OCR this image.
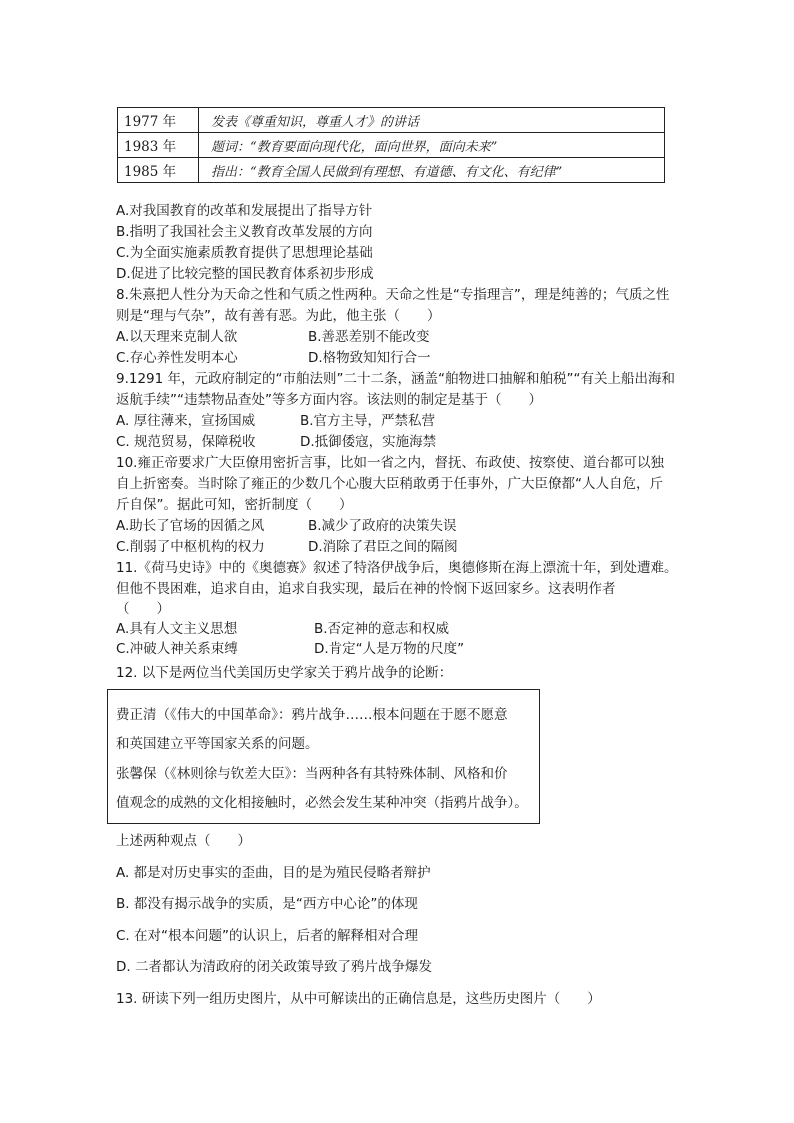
1977 年	发表《尊重知识，尊重人才》的讲话
1983 年	题词：“教育要面向现代化，面向世界，面向未来”
1985 年	指出：“教育全国人民做到有理想、有道德、有文化、有纪律”
A.对我国教育的改革和发展提出了指导方针
B.指明了我国社会主义教育改革发展的方向
C.为全面实施素质教育提供了思想理论基础
D.促进了比较完整的国民教育体系初步形成
8.朱熹把人性分为天命之性和气质之性两种。天命之性是“专指理言”，理是纯善的；气质之性
则是“理与气杂”，故有善有恶。为此，他主张（　　）
A.以天理来克制人欲	B.善恶差别不能改变
C.存心养性发明本心	D.格物致知知行合一
9.1291 年，元政府制定的“市舶法则”二十二条，涵盖“舶物进口抽解和舶税”“有关上船出海和
返航手续”“违禁物品查处”等多方面内容。该法则的制定是基于（　　）
A. 厚往薄来，宣扬国威	B.官方主导，严禁私营
C. 规范贸易，保障税收	D.抵御倭寇，实施海禁
10.雍正帝要求广大臣僚用密折言事，比如一省之内，督抚、布政使、按察使、道台都可以独
自上折密奏。当时除了雍正的少数几个心腹大臣稍敢勇于任事外，广大臣僚都“人人自危，斤
斤自保”。据此可知，密折制度（　　）
A.助长了官场的因循之风	B.减少了政府的决策失误
C.削弱了中枢机构的权力	D.消除了君臣之间的隔阂
11.《荷马史诗》中的《奥德赛》叙述了特洛伊战争后，奥德修斯在海上漂流十年，到处遭难。
但他不畏困难，追求自由，追求自我实现，最后在神的怜悯下返回家乡。这表明作者
（　　）
A.具有人文主义思想	B.否定神的意志和权威
C.冲破人神关系束缚	D.肯定“人是万物的尺度”
12. 以下是两位当代美国历史学家关于鸦片战争的论断：
费正清（《伟大的中国革命》：鸦片战争……根本问题在于愿不愿意
和英国建立平等国家关系的问题。
张馨保（《林则徐与钦差大臣》：当两种各有其特殊体制、风格和价
值观念的成熟的文化相接触时，必然会发生某种冲突（指鸦片战争）。
上述两种观点（　　）
A. 都是对历史事实的歪曲，目的是为殖民侵略者辩护
B. 都没有揭示战争的实质，是“西方中心论”的体现
C. 在对“根本问题”的认识上，后者的解释相对合理
D. 二者都认为清政府的闭关政策导致了鸦片战争爆发
13. 研读下列一组历史图片，从中可解读出的正确信息是，这些历史图片（　　）
